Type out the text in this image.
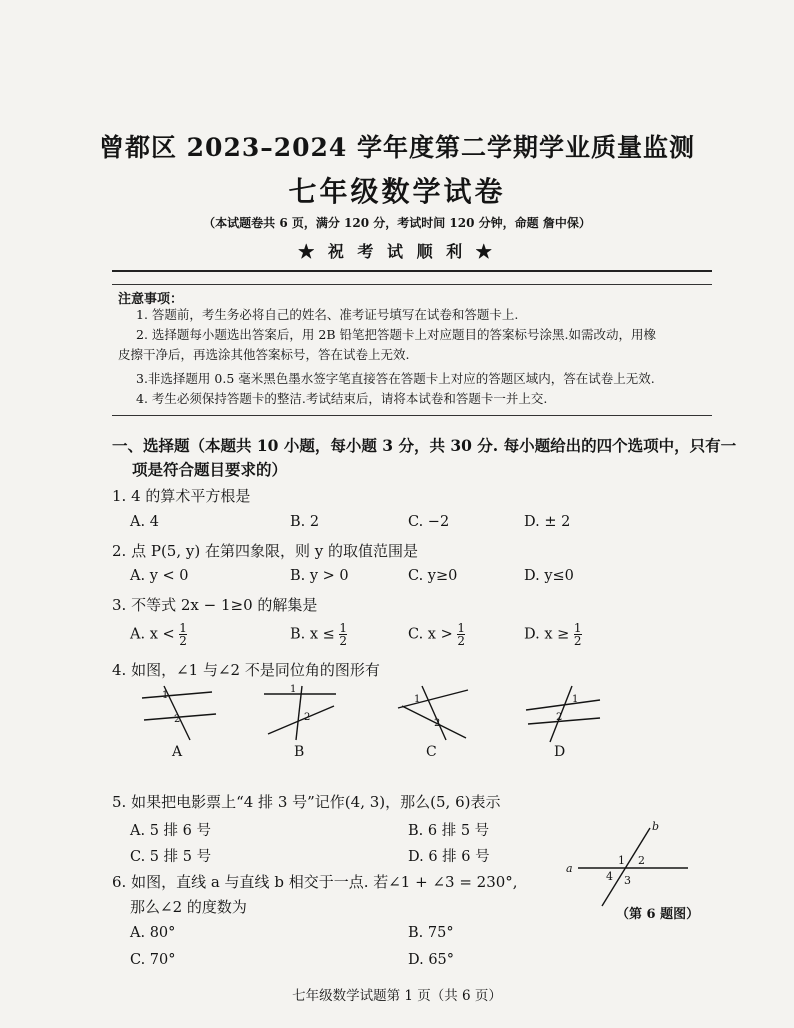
曾都区 2023–2024 学年度第二学期学业质量监测
七年级数学试卷
（本试题卷共 6 页，满分 120 分，考试时间 120 分钟，命题 詹中保）
★ 祝 考 试 顺 利 ★
注意事项：
1. 答题前，考生务必将自己的姓名、准考证号填写在试卷和答题卡上.
2. 选择题每小题选出答案后，用 2B 铅笔把答题卡上对应题目的答案标号涂黑.如需改动，用橡
皮擦干净后，再选涂其他答案标号，答在试卷上无效.
3.非选择题用 0.5 毫米黑色墨水签字笔直接答在答题卡上对应的答题区域内，答在试卷上无效.
4. 考生必须保持答题卡的整洁.考试结束后，请将本试卷和答题卡一并上交.
一、选择题（本题共 10 小题，每小题 3 分，共 30 分. 每小题给出的四个选项中，只有一
项是符合题目要求的）
1. 4 的算术平方根是
A. 4	B. 2	C. −2	D. ± 2
2. 点 P(5, y) 在第四象限，则 y 的取值范围是
A. y < 0	B. y > 0	C. y≥0	D. y≤0
3. 不等式 2x − 1≥0 的解集是
A. $x < \frac{1}{2}$	B. $x \le \frac{1}{2}$	C. $x > \frac{1}{2}$	D. $x \ge \frac{1}{2}$
4. 如图，∠1 与∠2 不是同位角的图形有
1
2
A
1
2
B
1
2
C
1
2
D
5. 如果把电影票上“4 排 3 号”记作(4, 3)，那么(5, 6)表示
A. 5 排 6 号	B. 6 排 5 号
C. 5 排 5 号	D. 6 排 6 号
6. 如图，直线 a 与直线 b 相交于一点. 若∠1 + ∠3 = 230°,
那么∠2 的度数为
A. 80°	B. 75°
C. 70°	D. 65°
a
b
1 2
3
4
（第 6 题图）
七年级数学试题第 1 页（共 6 页）
